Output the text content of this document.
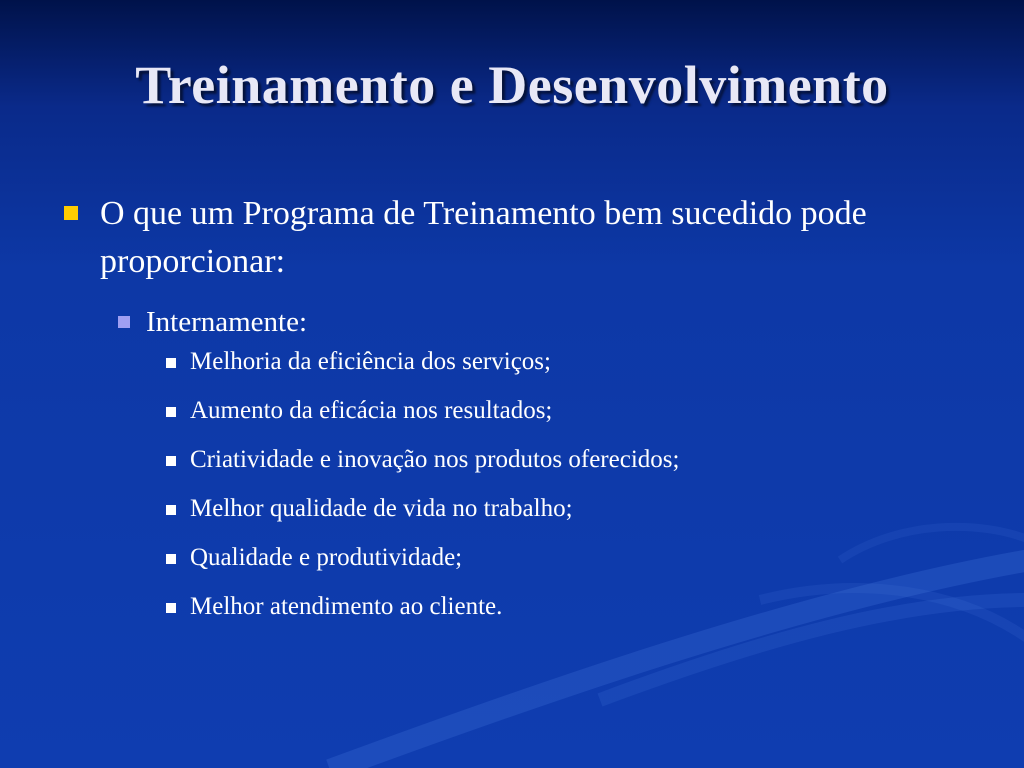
Treinamento e Desenvolvimento
O que um Programa de Treinamento bem sucedido pode proporcionar:
Internamente:
Melhoria da eficiência dos serviços;
Aumento da eficácia nos resultados;
Criatividade e inovação nos produtos oferecidos;
Melhor qualidade de vida no trabalho;
Qualidade e produtividade;
Melhor atendimento ao cliente.
